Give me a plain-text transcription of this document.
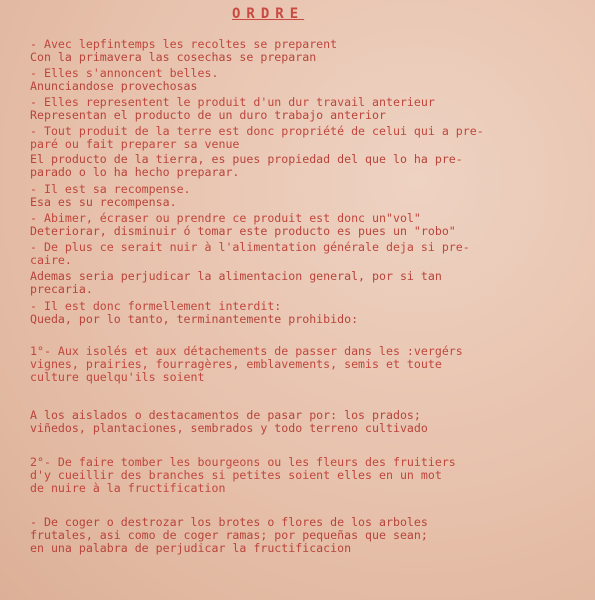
ORDRE
- Avec lepfintemps les recoltes se preparent
Con la primavera las cosechas se preparan
- Elles s'annoncent belles.
Anunciandose provechosas
- Elles representent le produit d'un dur travail anterieur
Representan el producto de un duro trabajo anterior
- Tout produit de la terre est donc propriété de celui qui a pre-
paré ou fait preparer sa venue
El producto de la tierra, es pues propiedad del que lo ha pre-
parado o lo ha hecho preparar.
- Il est sa recompense.
Esa es su recompensa.
- Abimer, écraser ou prendre ce produit est donc un"vol"
Deteriorar, disminuir ó tomar este producto es pues un "robo"
- De plus ce serait nuir à l'alimentation générale deja si pre-
caire.
Ademas seria perjudicar la alimentacion general, por si tan
precaria.
- Il est donc formellement interdit:
Queda, por lo tanto, terminantemente prohibido:
1°- Aux isolés et aux détachements de passer dans les :vergérs
vignes, prairies, fourragères, emblavements, semis et toute
culture quelqu'ils soient
A los aislados o destacamentos de pasar por: los prados;
viñedos, plantaciones, sembrados y todo terreno cultivado
2°- De faire tomber les bourgeons ou les fleurs des fruitiers
d'y cueillir des branches si petites soient elles en un mot
de nuire à la fructification
- De coger o destrozar los brotes o flores de los arboles
frutales, asi como de coger ramas; por pequeñas que sean;
en una palabra de perjudicar la fructificacion
